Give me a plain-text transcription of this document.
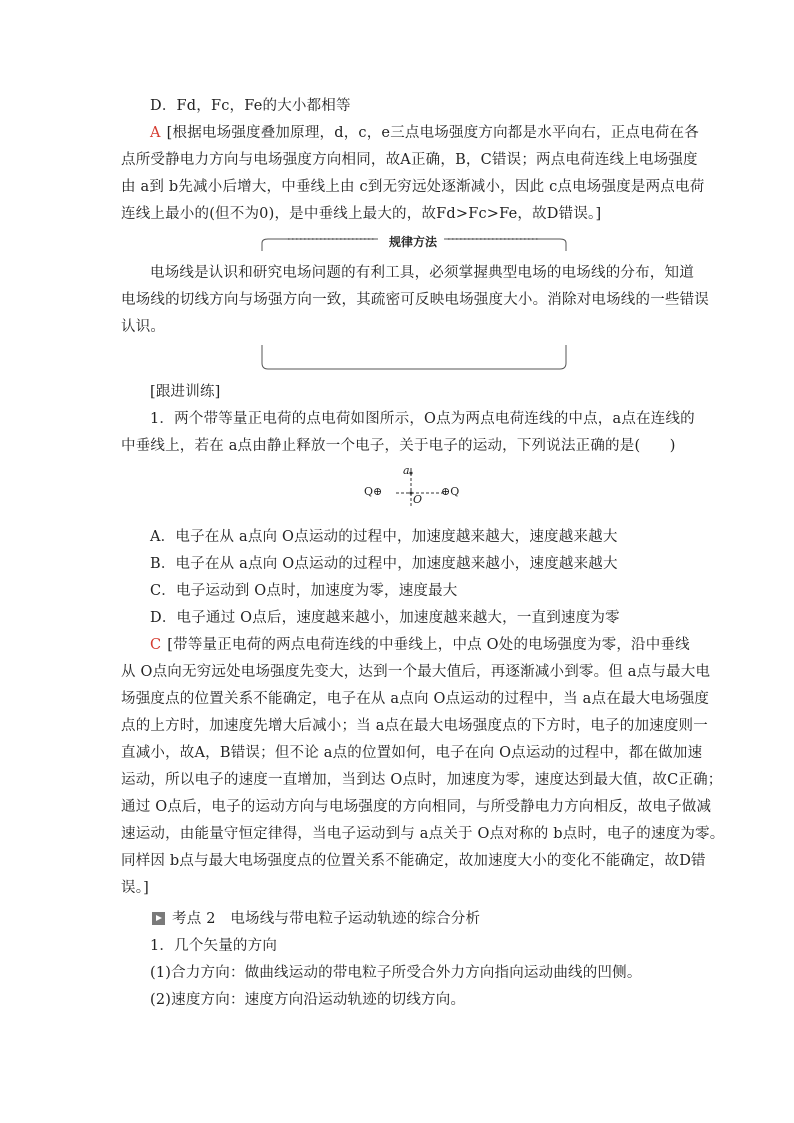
D．Fd，Fc，Fe的大小都相等
A [根据电场强度叠加原理，d，c，e三点电场强度方向都是水平向右，正点电荷在各
点所受静电力方向与电场强度方向相同，故A正确，B，C错误；两点电荷连线上电场强度
由 a到 b先减小后增大，中垂线上由 c到无穷远处逐渐减小，因此 c点电场强度是两点电荷
连线上最小的(但不为0)，是中垂线上最大的，故Fd>Fc>Fe，故D错误。]
规律方法
电场线是认识和研究电场问题的有利工具，必须掌握典型电场的电场线的分布，知道
电场线的切线方向与场强方向一致，其疏密可反映电场强度大小。消除对电场线的一些错误
认识。
[跟进训练]
1．两个带等量正电荷的点电荷如图所示，O点为两点电荷连线的中点，a点在连线的
中垂线上，若在 a点由静止释放一个电子，关于电子的运动，下列说法正确的是(　　)
a
O
Q⊕	⊕Q
A．电子在从 a点向 O点运动的过程中，加速度越来越大，速度越来越大
B．电子在从 a点向 O点运动的过程中，加速度越来越小，速度越来越大
C．电子运动到 O点时，加速度为零，速度最大
D．电子通过 O点后，速度越来越小，加速度越来越大，一直到速度为零
C [带等量正电荷的两点电荷连线的中垂线上，中点 O处的电场强度为零，沿中垂线
从 O点向无穷远处电场强度先变大，达到一个最大值后，再逐渐减小到零。但 a点与最大电
场强度点的位置关系不能确定，电子在从 a点向 O点运动的过程中，当 a点在最大电场强度
点的上方时，加速度先增大后减小；当 a点在最大电场强度点的下方时，电子的加速度则一
直减小，故A，B错误；但不论 a点的位置如何，电子在向 O点运动的过程中，都在做加速
运动，所以电子的速度一直增加，当到达 O点时，加速度为零，速度达到最大值，故C正确；
通过 O点后，电子的运动方向与电场强度的方向相同，与所受静电力方向相反，故电子做减
速运动，由能量守恒定律得，当电子运动到与 a点关于 O点对称的 b点时，电子的速度为零。
同样因 b点与最大电场强度点的位置关系不能确定，故加速度大小的变化不能确定，故D错
误。]
考点 2　电场线与带电粒子运动轨迹的综合分析
1．几个矢量的方向
(1)合力方向：做曲线运动的带电粒子所受合外力方向指向运动曲线的凹侧。
(2)速度方向：速度方向沿运动轨迹的切线方向。
